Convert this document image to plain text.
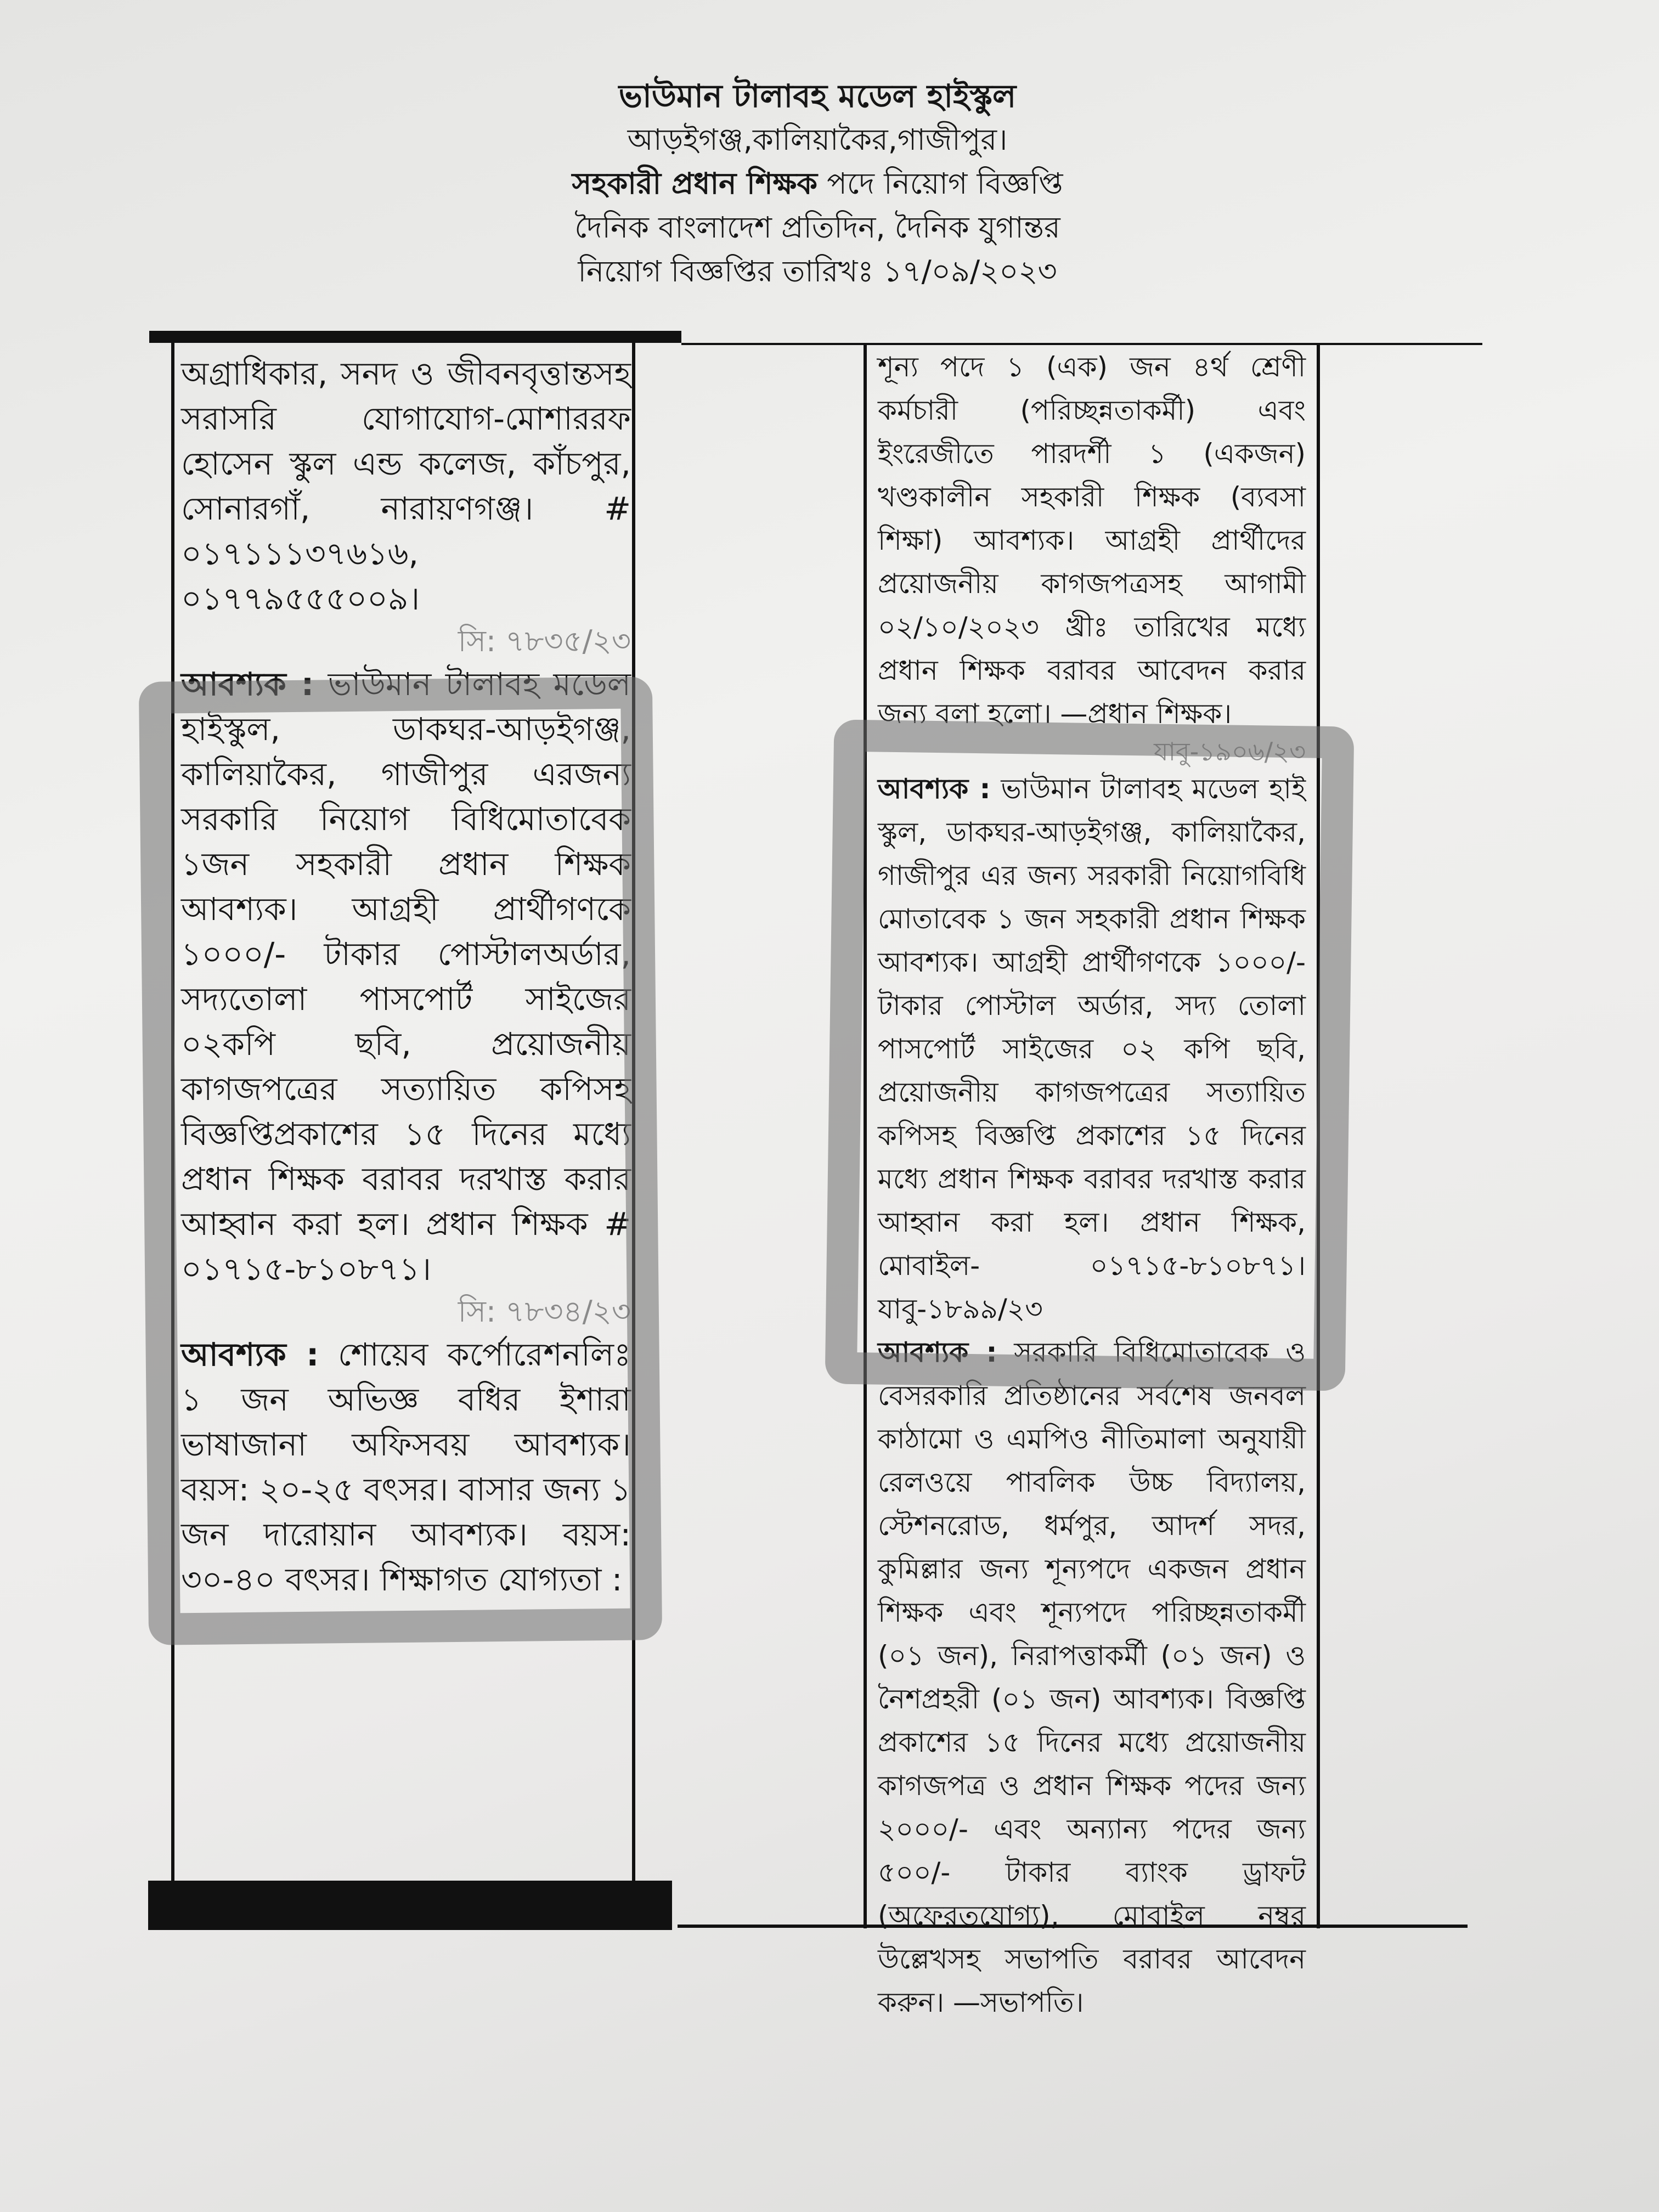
ভাউমান টালাবহ মডেল হাইস্কুল
আড়ইগঞ্জ,কালিয়াকৈর,গাজীপুর।
সহকারী প্রধান শিক্ষক পদে নিয়োগ বিজ্ঞপ্তি
দৈনিক বাংলাদেশ প্রতিদিন, দৈনিক যুগান্তর
নিয়োগ বিজ্ঞপ্তির তারিখঃ ১৭/০৯/২০২৩

অগ্রাধিকার, সনদ ও জীবনবৃত্তান্তসহ সরাসরি যোগাযোগ-মোশাররফ হোসেন স্কুল এন্ড কলেজ, কাঁচপুর, সোনারগাঁ, নারায়ণগঞ্জ। # ০১৭১১১৩৭৬১৬, ০১৭৭৯৫৫৫০০৯।

সি: ৭৮৩৫/২৩

আবশ্যক : ভাউমান টালাবহ মডেল হাইস্কুল, ডাকঘর-আড়ইগঞ্জ, কালিয়াকৈর, গাজীপুর এরজন্য সরকারি নিয়োগ বিধিমোতাবেক ১জন সহকারী প্রধান শিক্ষক আবশ্যক। আগ্রহী প্রার্থীগণকে ১০০০/- টাকার পোস্টালঅর্ডার, সদ্যতোলা পাসপোর্ট সাইজের ০২কপি ছবি, প্রয়োজনীয় কাগজপত্রের সত্যায়িত কপিসহ বিজ্ঞপ্তিপ্রকাশের ১৫ দিনের মধ্যে প্রধান শিক্ষক বরাবর দরখাস্ত করার আহ্বান করা হল। প্রধান শিক্ষক # ০১৭১৫-৮১০৮৭১।

সি: ৭৮৩৪/২৩

আবশ্যক : শোয়েব কর্পোরেশনলিঃ ১ জন অভিজ্ঞ বধির ইশারা ভাষাজানা অফিসবয় আবশ্যক। বয়স: ২০-২৫ বৎসর। বাসার জন্য ১ জন দারোয়ান আবশ্যক। বয়স: ৩০-৪০ বৎসর। শিক্ষাগত যোগ্যতা :

শূন্য পদে ১ (এক) জন ৪র্থ শ্রেণী কর্মচারী (পরিচ্ছন্নতাকর্মী) এবং ইংরেজীতে পারদর্শী ১ (একজন) খণ্ডকালীন সহকারী শিক্ষক (ব্যবসা শিক্ষা) আবশ্যক। আগ্রহী প্রার্থীদের প্রয়োজনীয় কাগজপত্রসহ আগামী ০২/১০/২০২৩ খ্রীঃ তারিখের মধ্যে প্রধান শিক্ষক বরাবর আবেদন করার জন্য বলা হলো। —প্রধান শিক্ষক।

যাবু-১৯০৬/২৩

আবশ্যক : ভাউমান টালাবহ মডেল হাই স্কুল, ডাকঘর-আড়ইগঞ্জ, কালিয়াকৈর, গাজীপুর এর জন্য সরকারী নিয়োগবিধি মোতাবেক ১ জন সহকারী প্রধান শিক্ষক আবশ্যক। আগ্রহী প্রার্থীগণকে ১০০০/- টাকার পোস্টাল অর্ডার, সদ্য তোলা পাসপোর্ট সাইজের ০২ কপি ছবি, প্রয়োজনীয় কাগজপত্রের সত্যায়িত কপিসহ বিজ্ঞপ্তি প্রকাশের ১৫ দিনের মধ্যে প্রধান শিক্ষক বরাবর দরখাস্ত করার আহ্বান করা হল। প্রধান শিক্ষক, মোবাইল- ০১৭১৫-৮১০৮৭১। যাবু-১৮৯৯/২৩

আবশ্যক : সরকারি বিধিমোতাবেক ও বেসরকারি প্রতিষ্ঠানের সর্বশেষ জনবল কাঠামো ও এমপিও নীতিমালা অনুযায়ী রেলওয়ে পাবলিক উচ্চ বিদ্যালয়, স্টেশনরোড, ধর্মপুর, আদর্শ সদর, কুমিল্লার জন্য শূন্যপদে একজন প্রধান শিক্ষক এবং শূন্যপদে পরিচ্ছন্নতাকর্মী (০১ জন), নিরাপত্তাকর্মী (০১ জন) ও নৈশপ্রহরী (০১ জন) আবশ্যক। বিজ্ঞপ্তি প্রকাশের ১৫ দিনের মধ্যে প্রয়োজনীয় কাগজপত্র ও প্রধান শিক্ষক পদের জন্য ২০০০/- এবং অন্যান্য পদের জন্য ৫০০/- টাকার ব্যাংক ড্রাফট (অফেরতযোগ্য), মোবাইল নম্বর উল্লেখসহ সভাপতি বরাবর আবেদন করুন। —সভাপতি।
